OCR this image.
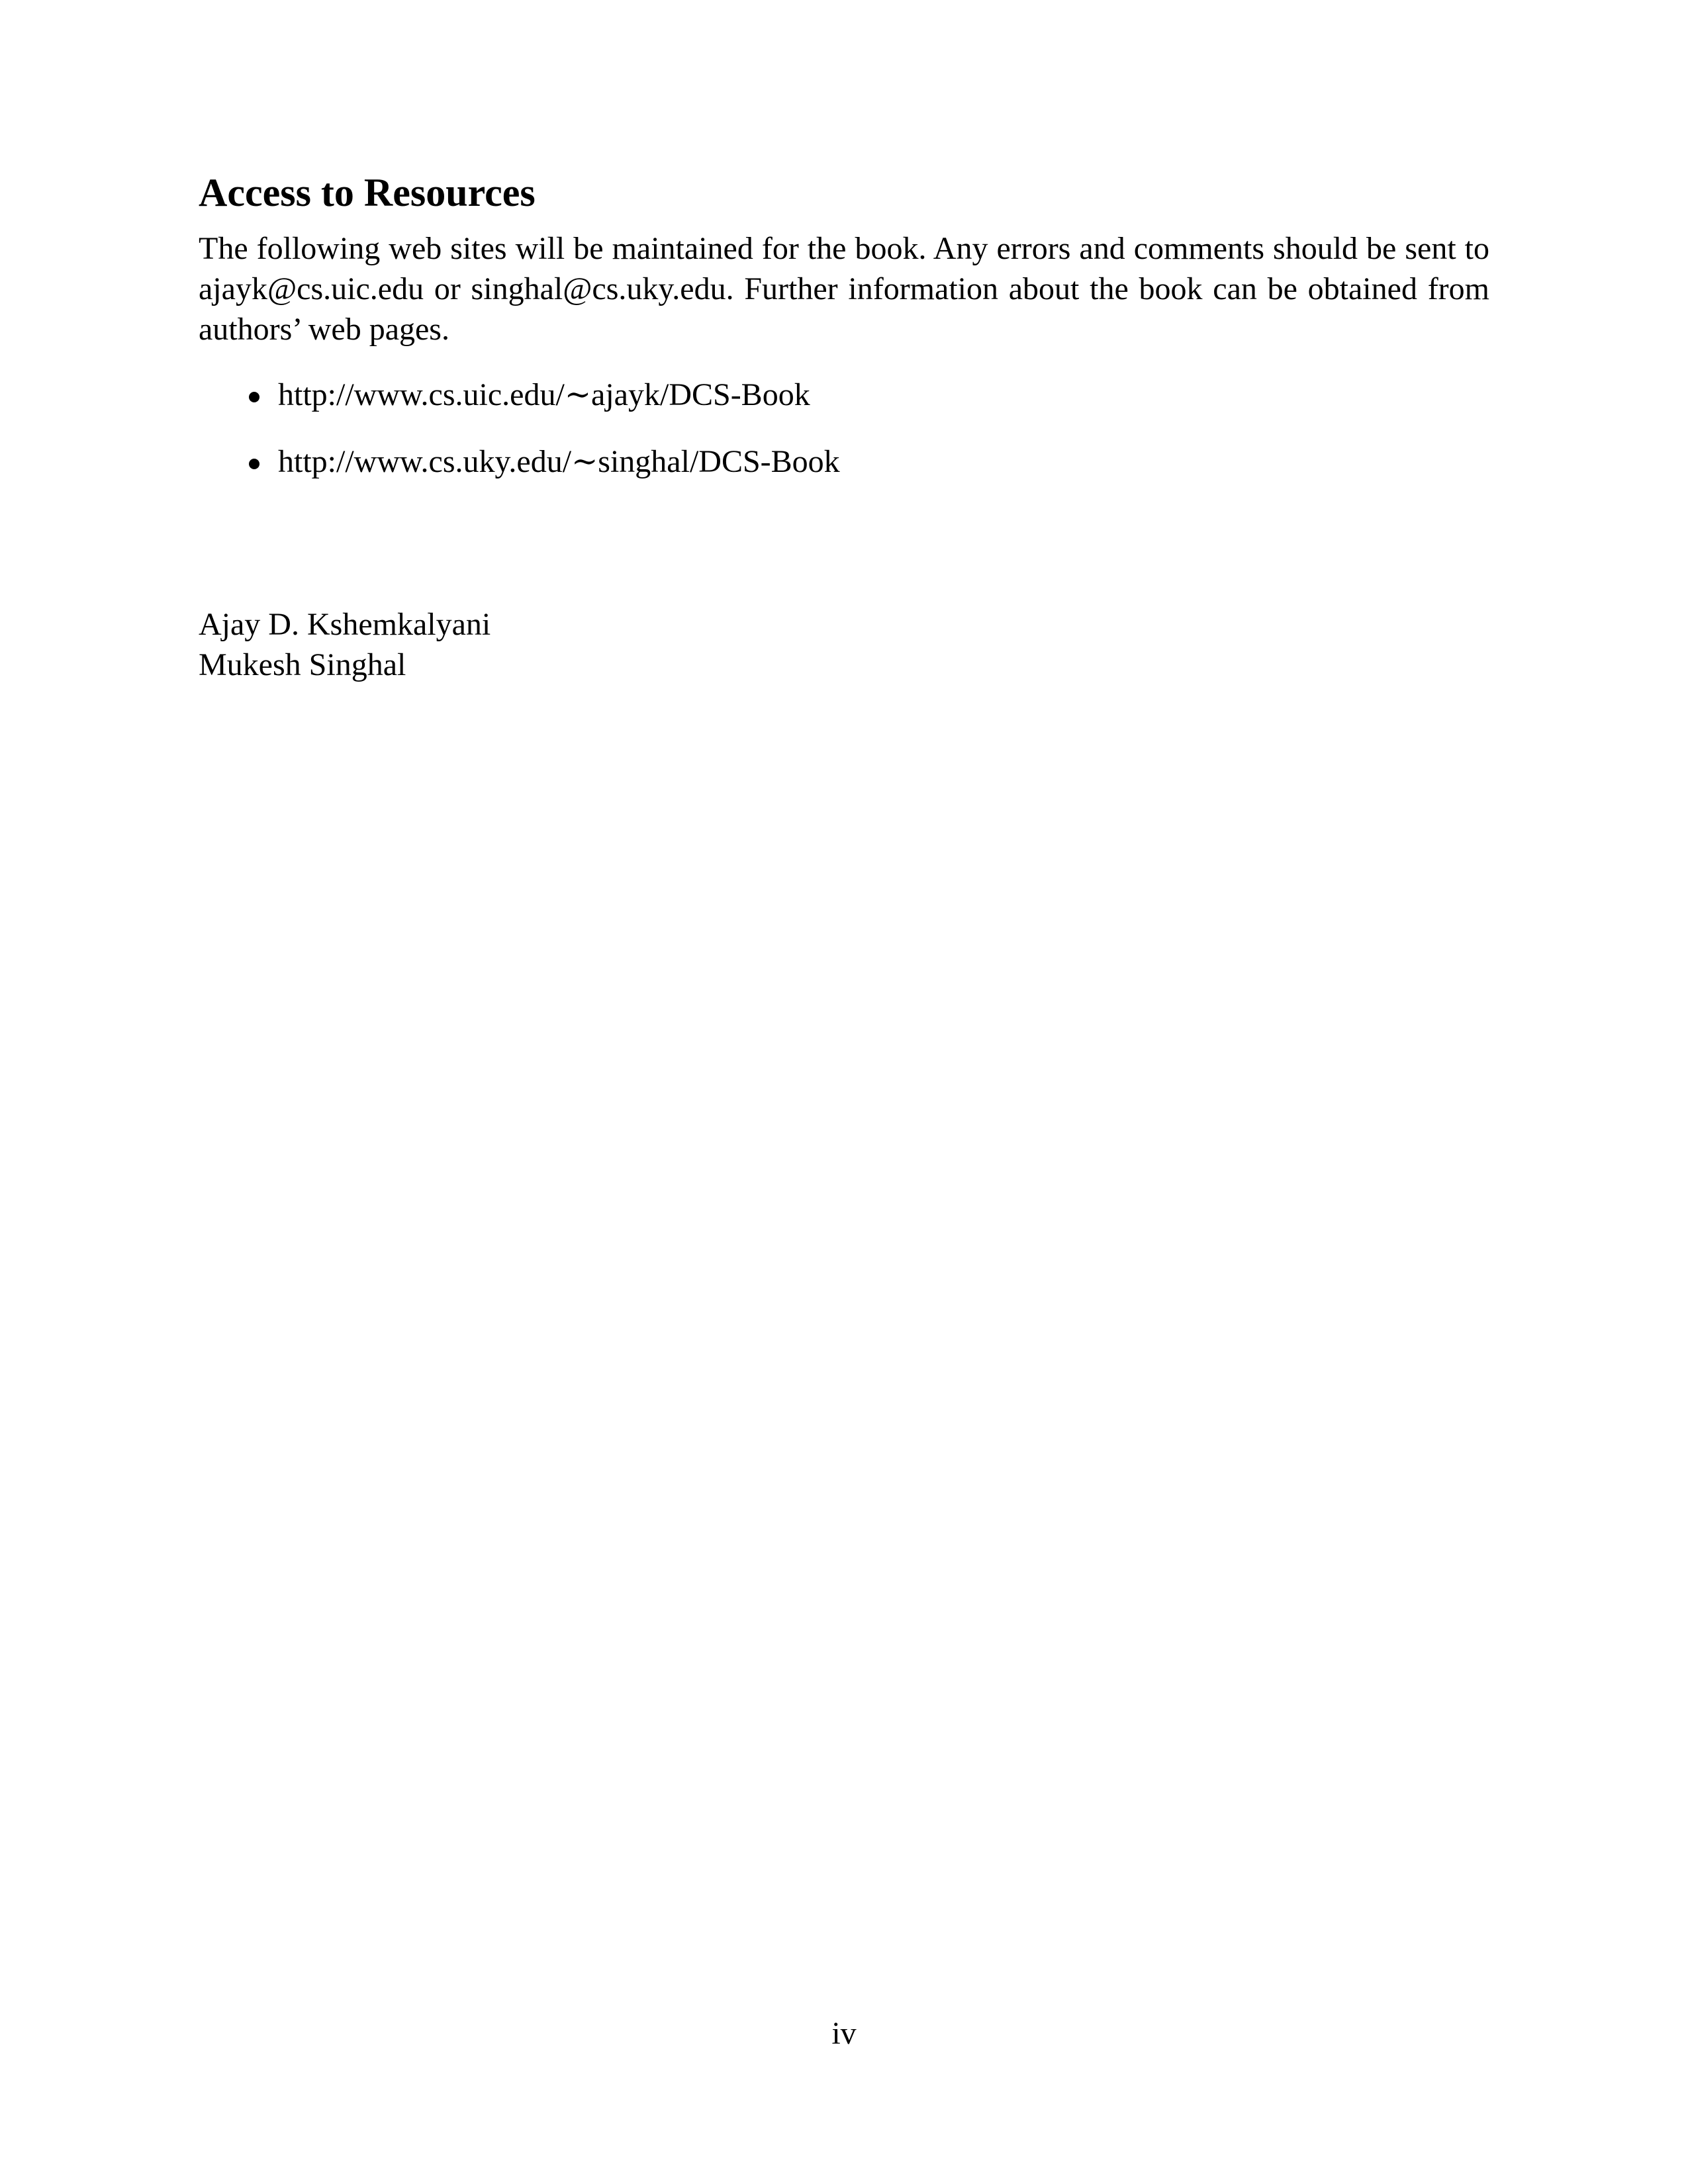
Access to Resources

The following web sites will be maintained for the book. Any errors and comments should be sent to ajayk@cs.uic.edu or singhal@cs.uky.edu. Further information about the book can be obtained from authors’ web pages.

http://www.cs.uic.edu/∼ajayk/DCS-Book
http://www.cs.uky.edu/∼singhal/DCS-Book
Ajay D. Kshemkalyani
Mukesh Singhal
iv
